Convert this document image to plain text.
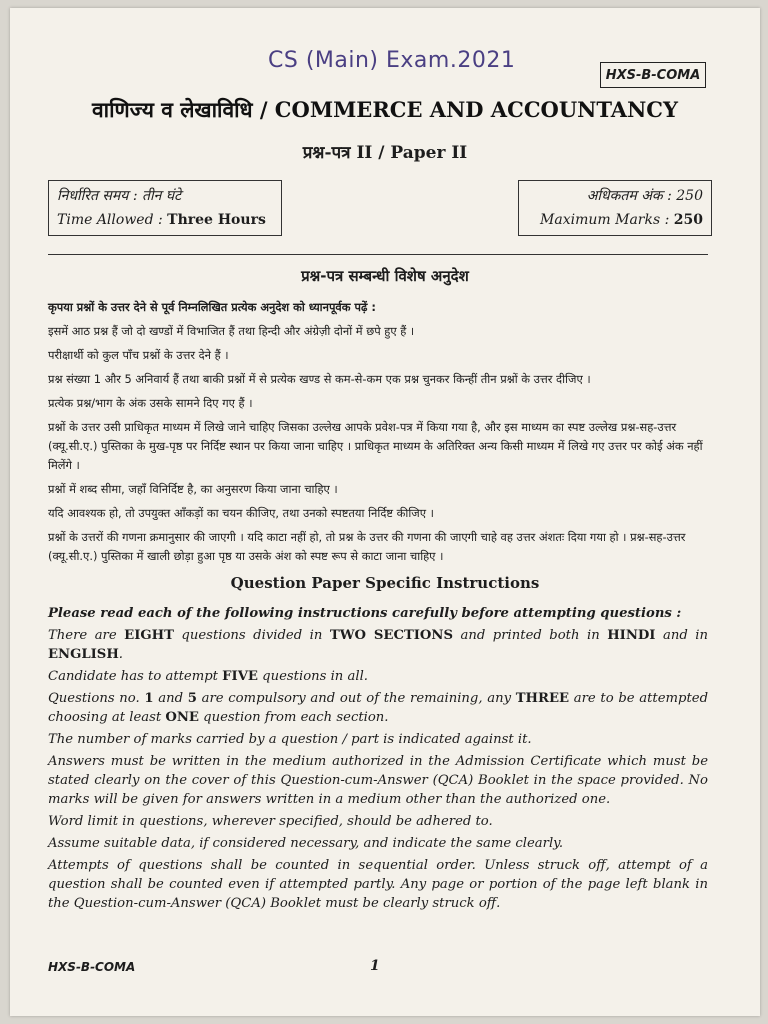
CS (Main) Exam.2021
HXS-B-COMA
वाणिज्य व लेखाविधि / COMMERCE AND ACCOUNTANCY
प्रश्न-पत्र II / Paper II
निर्धारित समय : तीन घंटे
Time Allowed : Three Hours
अधिकतम अंक : 250
Maximum Marks : 250
प्रश्न-पत्र सम्बन्धी विशेष अनुदेश

कृपया प्रश्नों के उत्तर देने से पूर्व निम्नलिखित प्रत्येक अनुदेश को ध्यानपूर्वक पढ़ें :

इसमें आठ प्रश्न हैं जो दो खण्डों में विभाजित हैं तथा हिन्दी और अंग्रेज़ी दोनों में छपे हुए हैं ।

परीक्षार्थी को कुल पाँच प्रश्नों के उत्तर देने हैं ।

प्रश्न संख्या 1 और 5 अनिवार्य हैं तथा बाकी प्रश्नों में से प्रत्येक खण्ड से कम-से-कम एक प्रश्न चुनकर किन्हीं तीन प्रश्नों के उत्तर दीजिए ।

प्रत्येक प्रश्न/भाग के अंक उसके सामने दिए गए हैं ।

प्रश्नों के उत्तर उसी प्राधिकृत माध्यम में लिखे जाने चाहिए जिसका उल्लेख आपके प्रवेश-पत्र में किया गया है, और इस माध्यम का स्पष्ट उल्लेख प्रश्न-सह-उत्तर (क्यू.सी.ए.) पुस्तिका के मुख-पृष्ठ पर निर्दिष्ट स्थान पर किया जाना चाहिए । प्राधिकृत माध्यम के अतिरिक्त अन्य किसी माध्यम में लिखे गए उत्तर पर कोई अंक नहीं मिलेंगे ।

प्रश्नों में शब्द सीमा, जहाँ विनिर्दिष्ट है, का अनुसरण किया जाना चाहिए ।

यदि आवश्यक हो, तो उपयुक्त आँकड़ों का चयन कीजिए, तथा उनको स्पष्टतया निर्दिष्ट कीजिए ।

प्रश्नों के उत्तरों की गणना क्रमानुसार की जाएगी । यदि काटा नहीं हो, तो प्रश्न के उत्तर की गणना की जाएगी चाहे वह उत्तर अंशतः दिया गया हो । प्रश्न-सह-उत्तर (क्यू.सी.ए.) पुस्तिका में खाली छोड़ा हुआ पृष्ठ या उसके अंश को स्पष्ट रूप से काटा जाना चाहिए ।

Question Paper Specific Instructions

Please read each of the following instructions carefully before attempting questions :

There are EIGHT questions divided in TWO SECTIONS and printed both in HINDI and in ENGLISH.

Candidate has to attempt FIVE questions in all.

Questions no. 1 and 5 are compulsory and out of the remaining, any THREE are to be attempted choosing at least ONE question from each section.

The number of marks carried by a question / part is indicated against it.

Answers must be written in the medium authorized in the Admission Certificate which must be stated clearly on the cover of this Question-cum-Answer (QCA) Booklet in the space provided. No marks will be given for answers written in a medium other than the authorized one.

Word limit in questions, wherever specified, should be adhered to.

Assume suitable data, if considered necessary, and indicate the same clearly.

Attempts of questions shall be counted in sequential order. Unless struck off, attempt of a question shall be counted even if attempted partly. Any page or portion of the page left blank in the Question-cum-Answer (QCA) Booklet must be clearly struck off.

HXS-B-COMA	1
